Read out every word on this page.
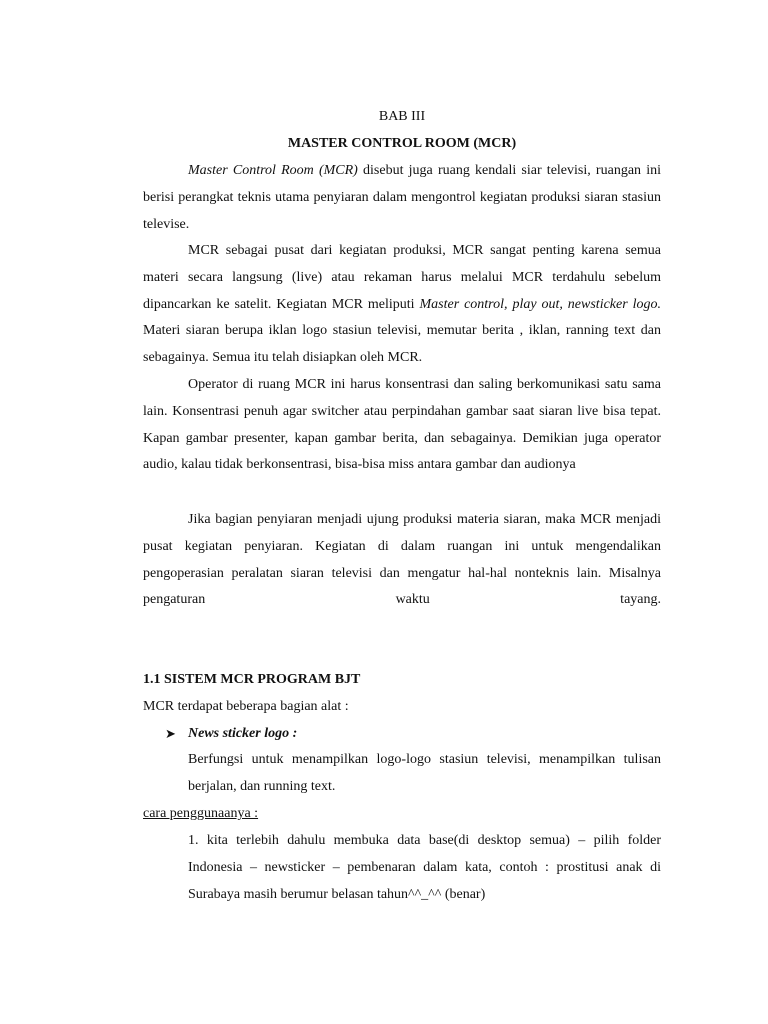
BAB III
MASTER CONTROL ROOM (MCR)

Master Control Room (MCR) disebut juga ruang kendali siar televisi, ruangan ini berisi perangkat teknis utama penyiaran dalam mengontrol kegiatan produksi siaran stasiun televise.

MCR sebagai pusat dari kegiatan produksi, MCR sangat penting karena semua materi secara langsung (live) atau rekaman harus melalui MCR terdahulu sebelum dipancarkan ke satelit. Kegiatan MCR meliputi Master control, play out, newsticker logo. Materi siaran berupa iklan logo stasiun televisi, memutar berita , iklan, ranning text dan sebagainya. Semua itu telah disiapkan oleh MCR.

Operator di ruang MCR ini harus konsentrasi dan saling berkomunikasi satu sama lain. Konsentrasi penuh agar switcher atau perpindahan gambar saat siaran live bisa tepat. Kapan gambar presenter, kapan gambar berita, dan sebagainya. Demikian juga operator audio, kalau tidak berkonsentrasi, bisa-bisa miss antara gambar dan audionya

Jika bagian penyiaran menjadi ujung produksi materia siaran, maka MCR menjadi pusat kegiatan penyiaran. Kegiatan di dalam ruangan ini untuk mengendalikan pengoperasian peralatan siaran televisi dan mengatur hal-hal nonteknis lain. Misalnya pengaturan waktu tayang.

1.1 SISTEM MCR PROGRAM BJT
MCR terdapat beberapa bagian alat :
➤ News sticker logo :

Berfungsi untuk menampilkan logo-logo stasiun televisi, menampilkan tulisan berjalan, dan running text.

cara penggunaanya :

1. kita terlebih dahulu membuka data base(di desktop semua) – pilih folder Indonesia – newsticker – pembenaran dalam kata, contoh : prostitusi anak di Surabaya masih berumur belasan tahun^^_^^ (benar)
